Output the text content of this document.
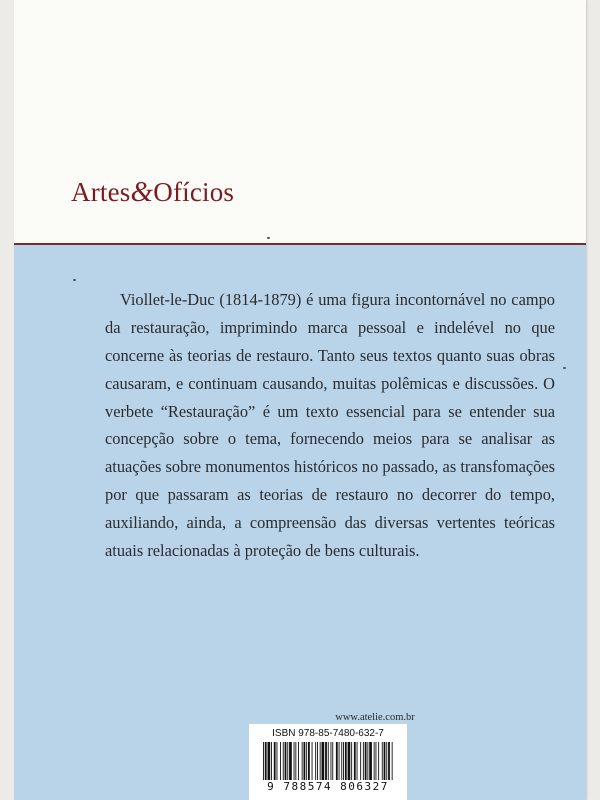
Artes&Ofícios

Viollet-le-Duc (1814-1879) é uma figura incontornável no campo da restauração, imprimindo marca pessoal e indelével no que concerne às teorias de restauro. Tanto seus textos quanto suas obras causaram, e continuam causando, muitas polêmicas e discussões. O verbete “Restauração” é um texto essencial para se entender sua concepção sobre o tema, fornecendo meios para se analisar as atuações sobre monumentos históricos no passado, as transfomações por que passaram as teorias de restauro no decorrer do tempo, auxiliando, ainda, a compreensão das diversas vertentes teóricas atuais relacionadas à proteção de bens culturais.

www.atelie.com.br
ISBN 978-85-7480-632-7
9 788574 806327
